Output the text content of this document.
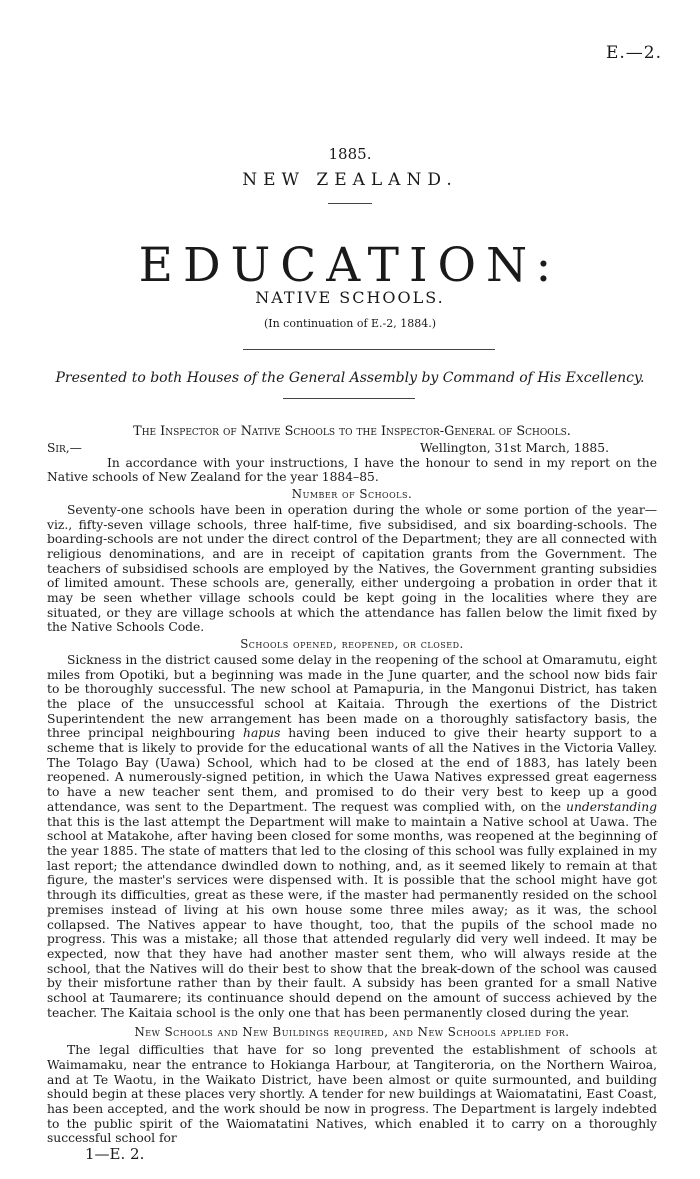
E.—2.
1885.
NEW ZEALAND.
EDUCATION:
NATIVE SCHOOLS.
(In continuation of E.-2, 1884.)
Presented to both Houses of the General Assembly by Command of His Excellency.

The Inspector of Native Schools to the Inspector-General of Schools.

Sir,—	Wellington, 31st March, 1885.

In accordance with your instructions, I have the honour to send in my report on the Native schools of New Zealand for the year 1884–85.

Number of Schools.

Seventy-one schools have been in operation during the whole or some portion of the year—viz., fifty-seven village schools, three half-time, five subsidised, and six boarding-schools. The boarding-schools are not under the direct control of the Department; they are all connected with religious denominations, and are in receipt of capitation grants from the Government. The teachers of subsidised schools are employed by the Natives, the Government granting subsidies of limited amount. These schools are, generally, either undergoing a probation in order that it may be seen whether village schools could be kept going in the localities where they are situated, or they are village schools at which the attendance has fallen below the limit fixed by the Native Schools Code.

Schools opened, reopened, or closed.

Sickness in the district caused some delay in the reopening of the school at Omaramutu, eight miles from Opotiki, but a beginning was made in the June quarter, and the school now bids fair to be thoroughly successful. The new school at Pamapuria, in the Mangonui District, has taken the place of the unsuccessful school at Kaitaia. Through the exertions of the District Superintendent the new arrangement has been made on a thoroughly satisfactory basis, the three principal neighbouring hapus having been induced to give their hearty support to a scheme that is likely to provide for the educational wants of all the Natives in the Victoria Valley. The Tolago Bay (Uawa) School, which had to be closed at the end of 1883, has lately been reopened. A numerously-signed petition, in which the Uawa Natives expressed great eagerness to have a new teacher sent them, and promised to do their very best to keep up a good attendance, was sent to the Department. The request was complied with, on the understanding that this is the last attempt the Department will make to maintain a Native school at Uawa. The school at Matakohe, after having been closed for some months, was reopened at the beginning of the year 1885. The state of matters that led to the closing of this school was fully explained in my last report; the attendance dwindled down to nothing, and, as it seemed likely to remain at that figure, the master's services were dispensed with. It is possible that the school might have got through its difficulties, great as these were, if the master had permanently resided on the school premises instead of living at his own house some three miles away; as it was, the school collapsed. The Natives appear to have thought, too, that the pupils of the school made no progress. This was a mistake; all those that attended regularly did very well indeed. It may be expected, now that they have had another master sent them, who will always reside at the school, that the Natives will do their best to show that the break-down of the school was caused by their misfortune rather than by their fault. A subsidy has been granted for a small Native school at Taumarere; its continuance should depend on the amount of success achieved by the teacher. The Kaitaia school is the only one that has been permanently closed during the year.

New Schools and New Buildings required, and New Schools applied for.

The legal difficulties that have for so long prevented the establishment of schools at Waimamaku, near the entrance to Hokianga Harbour, at Tangiteroria, on the Northern Wairoa, and at Te Waotu, in the Waikato District, have been almost or quite surmounted, and building should begin at these places very shortly. A tender for new buildings at Waiomatatini, East Coast, has been accepted, and the work should be now in progress. The Department is largely indebted to the public spirit of the Waiomatatini Natives, which enabled it to carry on a thoroughly successful school for

1—E. 2.
